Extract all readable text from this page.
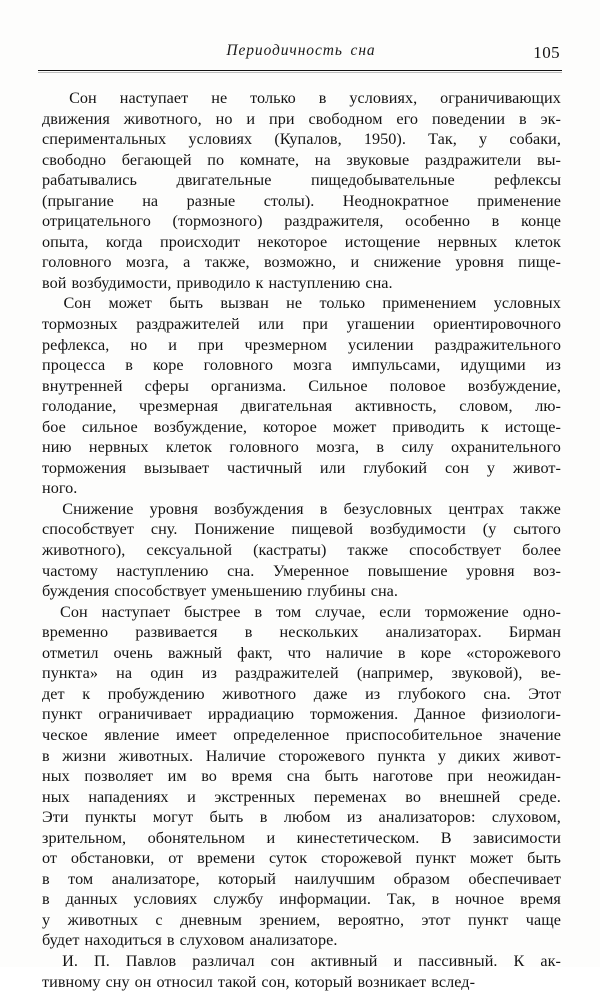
Периодичность сна	105

Сон наступает не только в условиях, ограничивающих
движения животного, но и при свободном его поведении в эк-
спериментальных условиях (Купалов, 1950). Так, у собаки,
свободно бегающей по комнате, на звуковые раздражители вы-
рабатывались двигательные пищедобывательные рефлексы
(прыгание на разные столы). Неоднократное применение
отрицательного (тормозного) раздражителя, особенно в конце
опыта, когда происходит некоторое истощение нервных клеток
головного мозга, а также, возможно, и снижение уровня пище-
вой возбудимости, приводило к наступлению сна.

Сон может быть вызван не только применением условных
тормозных раздражителей или при угашении ориентировочного
рефлекса, но и при чрезмерном усилении раздражительного
процесса в коре головного мозга импульсами, идущими из
внутренней сферы организма. Сильное половое возбуждение,
голодание, чрезмерная двигательная активность, словом, лю-
бое сильное возбуждение, которое может приводить к истоще-
нию нервных клеток головного мозга, в силу охранительного
торможения вызывает частичный или глубокий сон у живот-
ного.

Снижение уровня возбуждения в безусловных центрах также
способствует сну. Понижение пищевой возбудимости (у сытого
животного), сексуальной (кастраты) также способствует более
частому наступлению сна. Умеренное повышение уровня воз-
буждения способствует уменьшению глубины сна.

Сон наступает быстрее в том случае, если торможение одно-
временно развивается в нескольких анализаторах. Бирман
отметил очень важный факт, что наличие в коре «сторожевого
пункта» на один из раздражителей (например, звуковой), ве-
дет к пробуждению животного даже из глубокого сна. Этот
пункт ограничивает иррадиацию торможения. Данное физиологи-
ческое явление имеет определенное приспособительное значение
в жизни животных. Наличие сторожевого пункта у диких живот-
ных позволяет им во время сна быть наготове при неожидан-
ных нападениях и экстренных переменах во внешней среде.
Эти пункты могут быть в любом из анализаторов: слуховом,
зрительном, обонятельном и кинестетическом. В зависимости
от обстановки, от времени суток сторожевой пункт может быть
в том анализаторе, который наилучшим образом обеспечивает
в данных условиях службу информации. Так, в ночное время
у животных с дневным зрением, вероятно, этот пункт чаще
будет находиться в слуховом анализаторе.

И. П. Павлов различал сон активный и пассивный. К ак-
тивному сну он относил такой сон, который возникает вслед-
